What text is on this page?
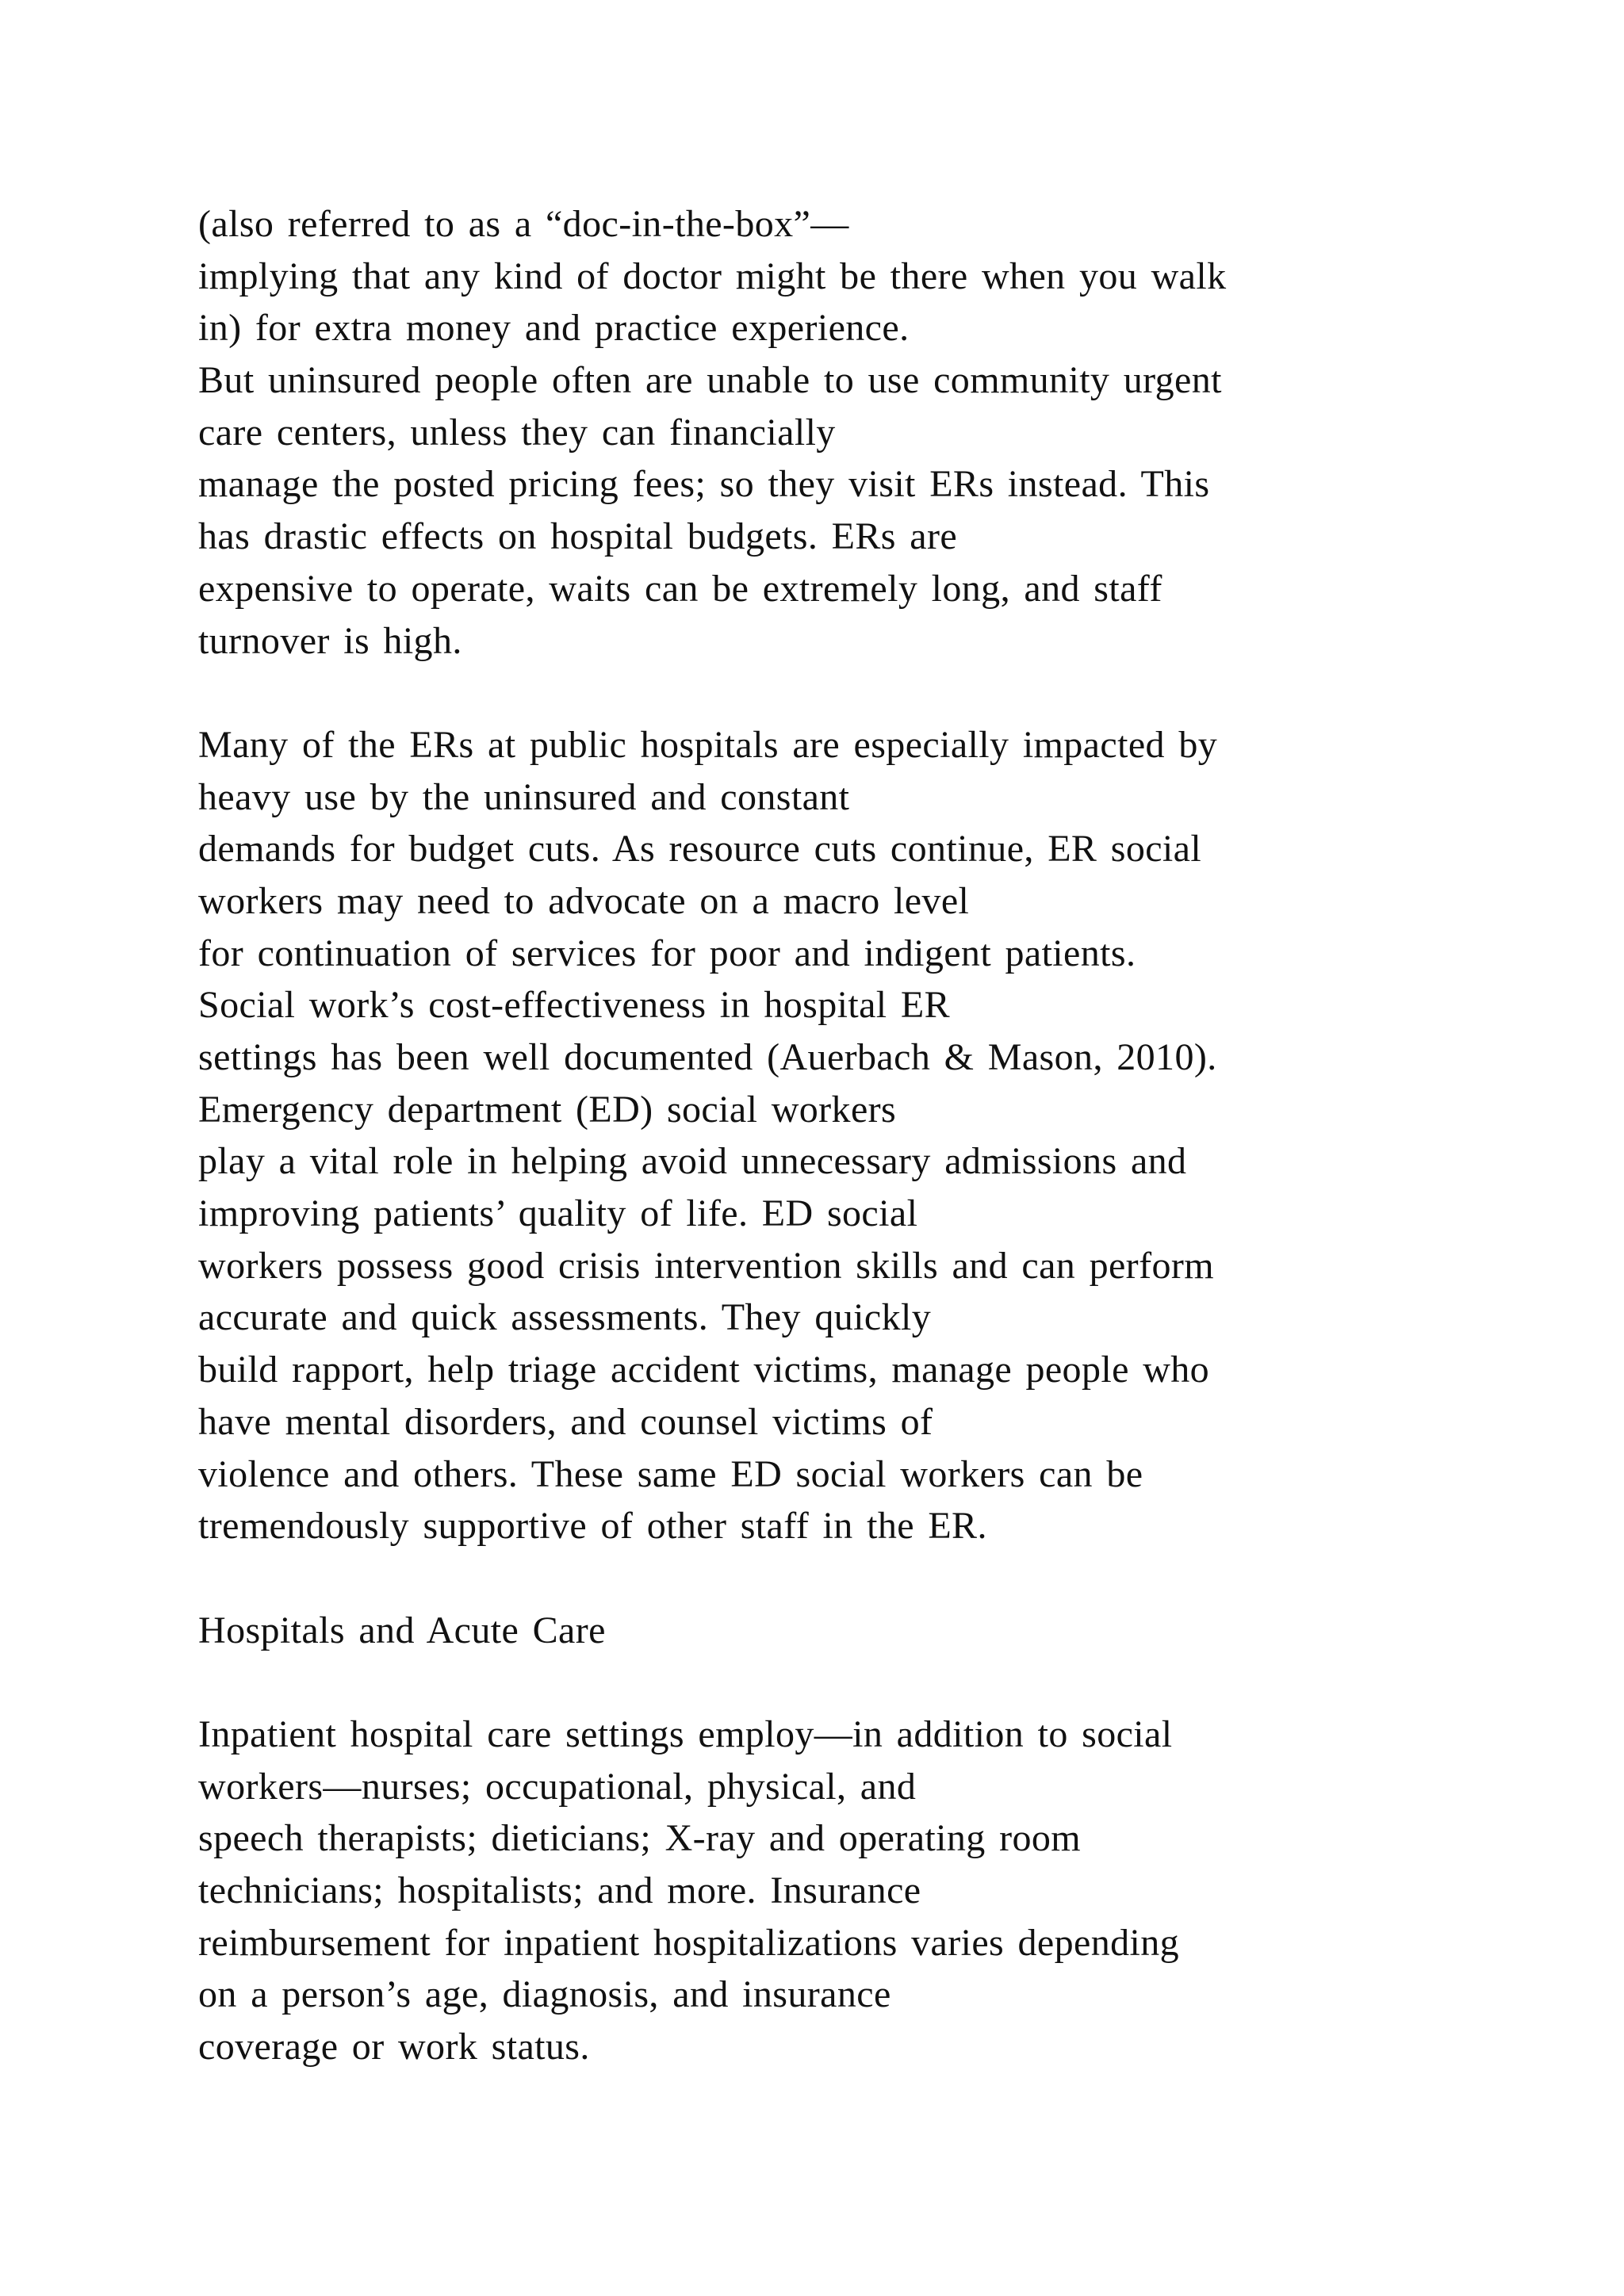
(also referred to as a “doc-in-the-box”—
implying that any kind of doctor might be there when you walk
in) for extra money and practice experience.
But uninsured people often are unable to use community urgent
care centers, unless they can financially
manage the posted pricing fees; so they visit ERs instead. This
has drastic effects on hospital budgets. ERs are
expensive to operate, waits can be extremely long, and staff
turnover is high.
Many of the ERs at public hospitals are especially impacted by
heavy use by the uninsured and constant
demands for budget cuts. As resource cuts continue, ER social
workers may need to advocate on a macro level
for continuation of services for poor and indigent patients.
Social work’s cost-effectiveness in hospital ER
settings has been well documented (Auerbach & Mason, 2010).
Emergency department (ED) social workers
play a vital role in helping avoid unnecessary admissions and
improving patients’ quality of life. ED social
workers possess good crisis intervention skills and can perform
accurate and quick assessments. They quickly
build rapport, help triage accident victims, manage people who
have mental disorders, and counsel victims of
violence and others. These same ED social workers can be
tremendously supportive of other staff in the ER.
Hospitals and Acute Care
Inpatient hospital care settings employ—in addition to social
workers—nurses; occupational, physical, and
speech therapists; dieticians; X-ray and operating room
technicians; hospitalists; and more. Insurance
reimbursement for inpatient hospitalizations varies depending
on a person’s age, diagnosis, and insurance
coverage or work status.
